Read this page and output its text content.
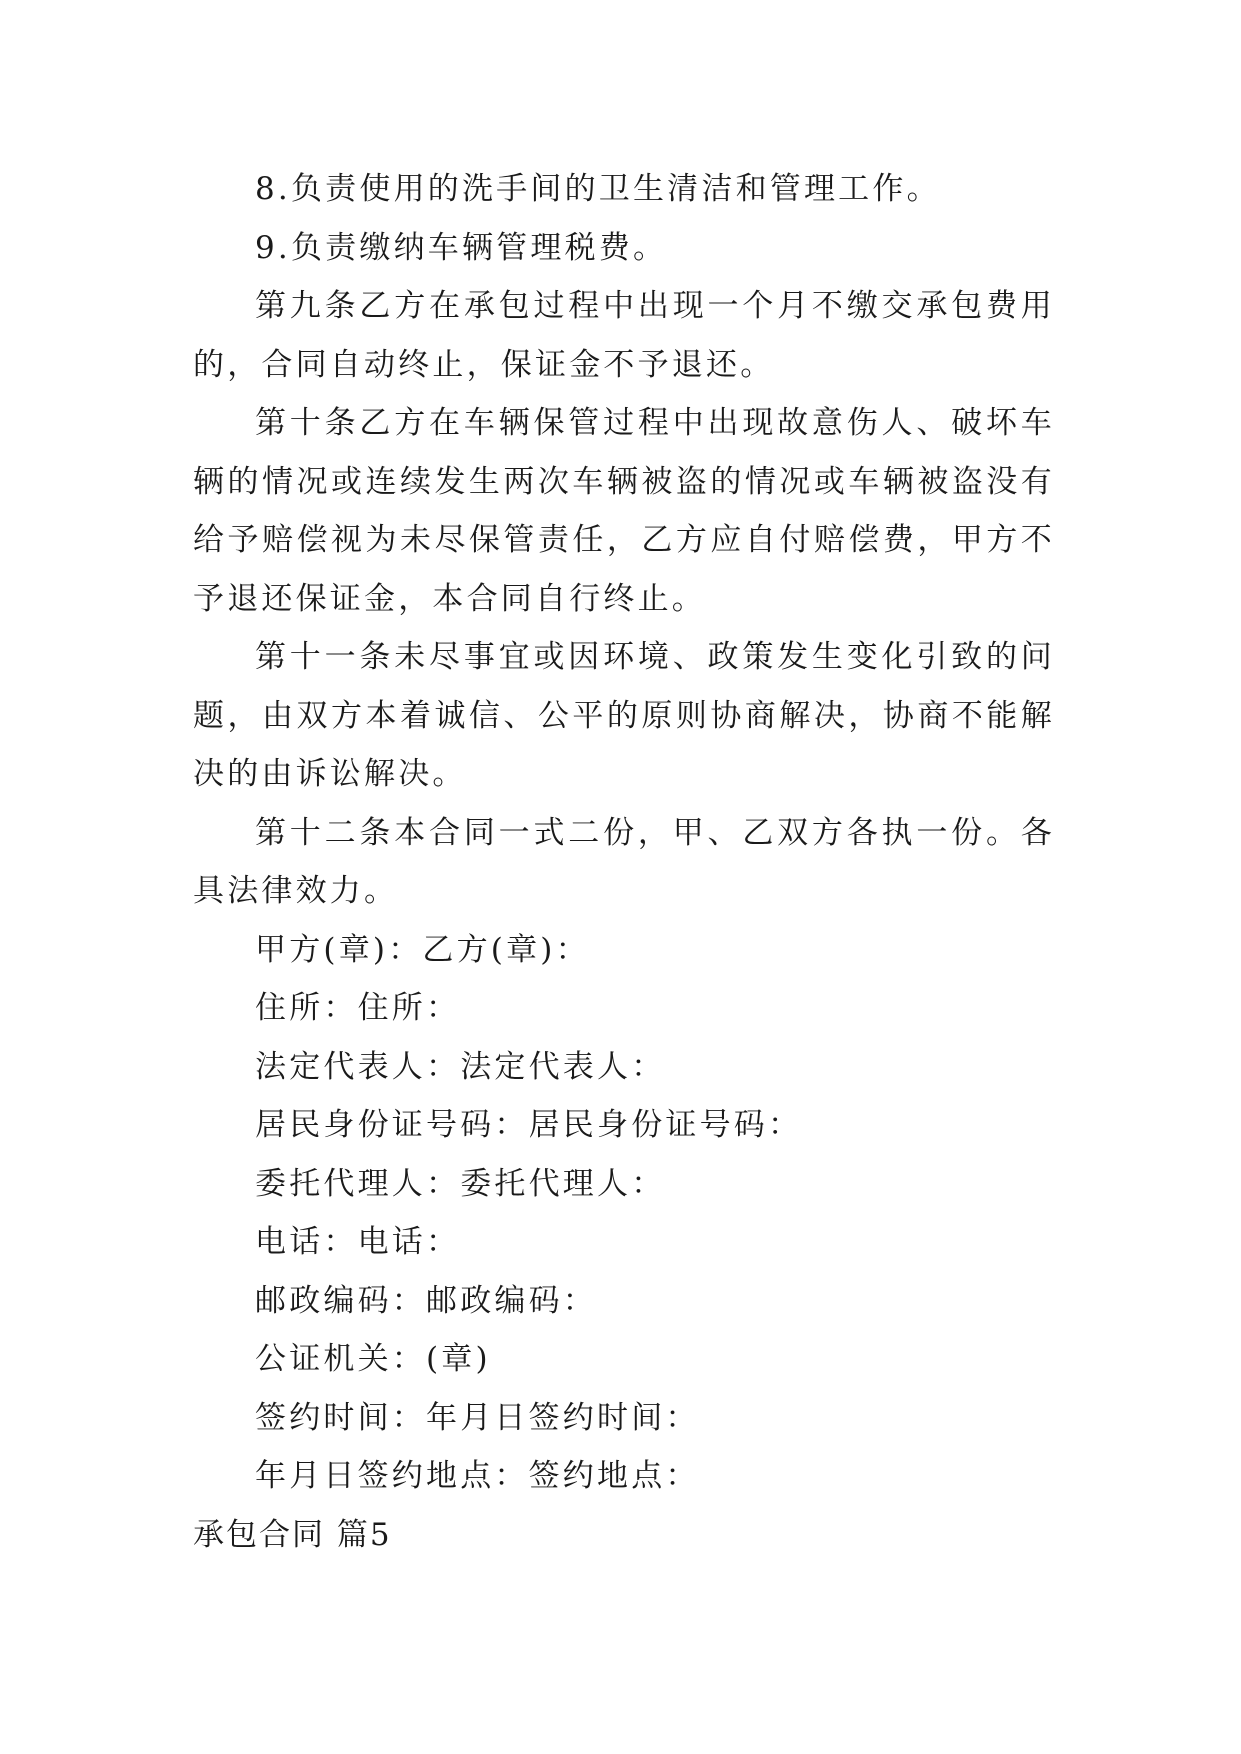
8.负责使用的洗手间的卫生清洁和管理工作。

9.负责缴纳车辆管理税费。

第九条乙方在承包过程中出现一个月不缴交承包费用的，合同自动终止，保证金不予退还。

第十条乙方在车辆保管过程中出现故意伤人、破坏车辆的情况或连续发生两次车辆被盗的情况或车辆被盗没有给予赔偿视为未尽保管责任，乙方应自付赔偿费，甲方不予退还保证金，本合同自行终止。

第十一条未尽事宜或因环境、政策发生变化引致的问题，由双方本着诚信、公平的原则协商解决，协商不能解决的由诉讼解决。

第十二条本合同一式二份，甲、乙双方各执一份。各具法律效力。

甲方(章)：乙方(章)：

住所：住所：

法定代表人：法定代表人：

居民身份证号码：居民身份证号码：

委托代理人：委托代理人：

电话：电话：

邮政编码：邮政编码：

公证机关：(章)

签约时间：年月日签约时间：

年月日签约地点：签约地点：

承包合同 篇5
